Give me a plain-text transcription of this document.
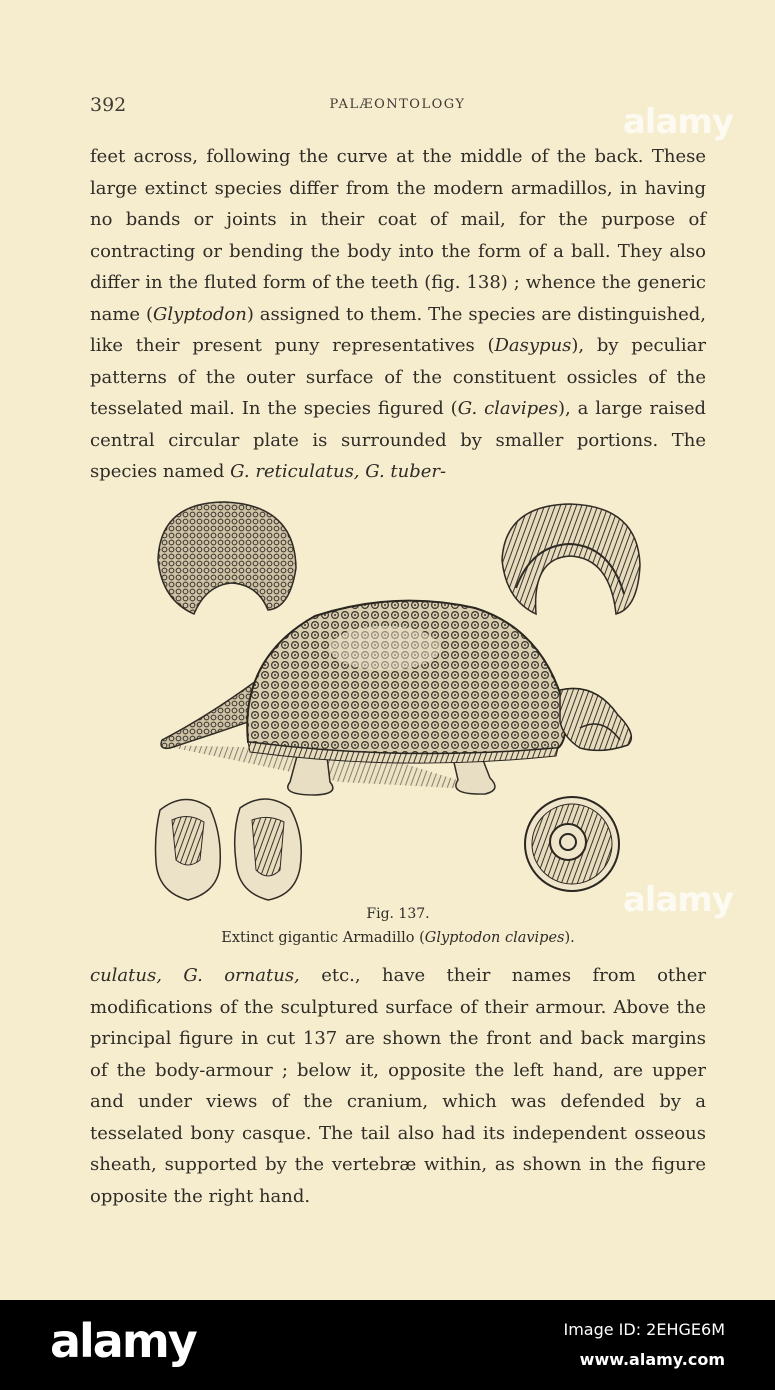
392	PALÆONTOLOGY	alamy

feet across, following the curve at the middle of the back. These large extinct species differ from the modern armadillos, in having no bands or joints in their coat of mail, for the purpose of contracting or bending the body into the form of a ball. They also differ in the fluted form of the teeth (fig. 138) ; whence the generic name (Glyptodon) assigned to them. The species are distinguished, like their present puny representatives (Dasypus), by peculiar patterns of the outer surface of the constituent ossicles of the tesselated mail. In the species figured (G. clavipes), a large raised central circular plate is surrounded by smaller portions. The species named G. reticulatus, G. tuber-

Fig. 137.
Extinct gigantic Armadillo (Glyptodon clavipes).
alamy

culatus, G. ornatus, etc., have their names from other modifications of the sculptured surface of their armour. Above the principal figure in cut 137 are shown the front and back margins of the body-armour ; below it, opposite the left hand, are upper and under views of the cranium, which was defended by a tesselated bony casque. The tail also had its independent osseous sheath, supported by the vertebræ within, as shown in the figure opposite the right hand.

alamy	Image ID: 2EHGE6M
www.alamy.com
